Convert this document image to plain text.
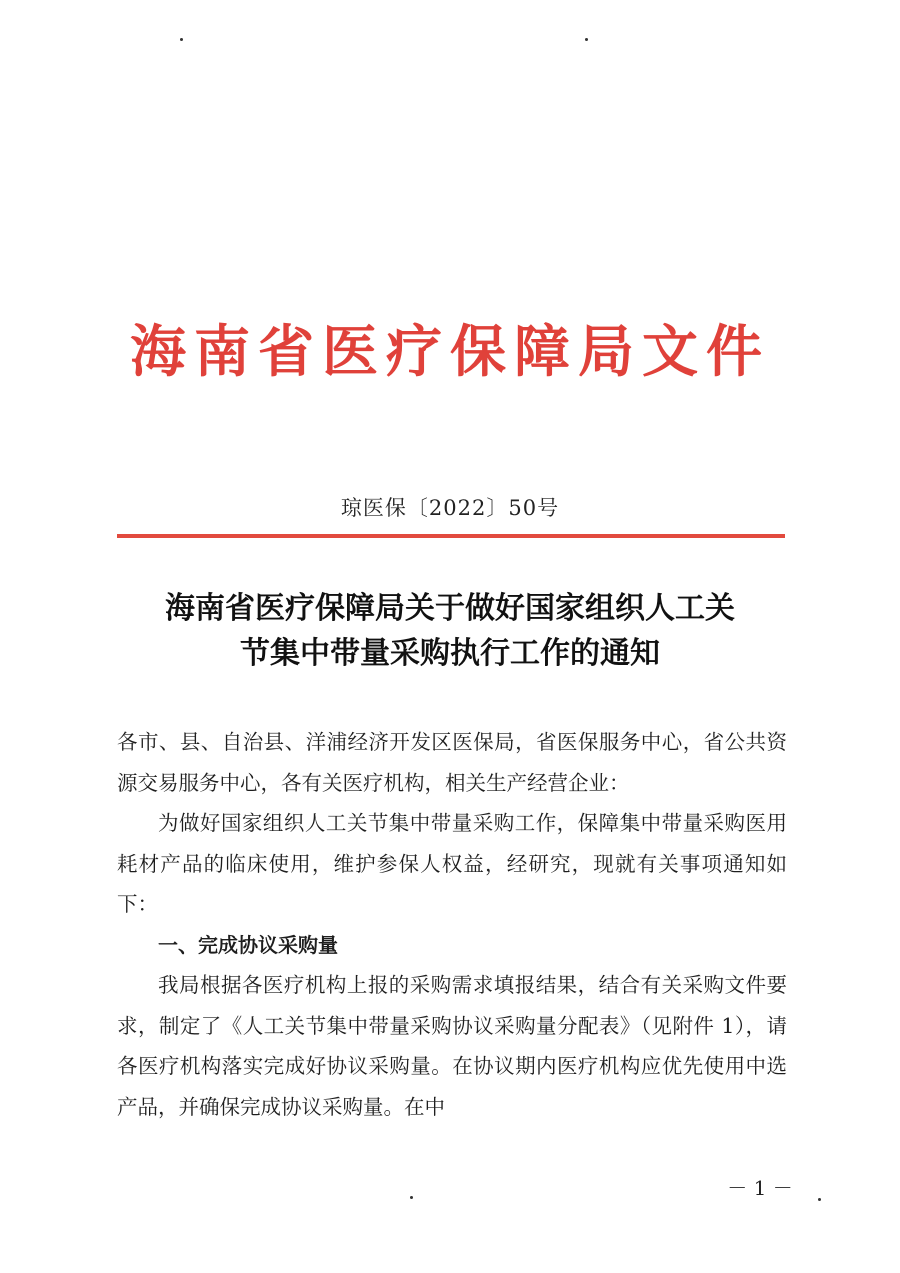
海南省医疗保障局文件
琼医保〔2022〕50号
海南省医疗保障局关于做好国家组织人工关
节集中带量采购执行工作的通知

各市、县、自治县、洋浦经济开发区医保局，省医保服务中心，省公共资源交易服务中心，各有关医疗机构，相关生产经营企业：

为做好国家组织人工关节集中带量采购工作，保障集中带量采购医用耗材产品的临床使用，维护参保人权益，经研究，现就有关事项通知如下：

一、完成协议采购量

我局根据各医疗机构上报的采购需求填报结果，结合有关采购文件要求，制定了《人工关节集中带量采购协议采购量分配表》（见附件 1），请各医疗机构落实完成好协议采购量。在协议期内医疗机构应优先使用中选产品，并确保完成协议采购量。在中

－ 1 －
